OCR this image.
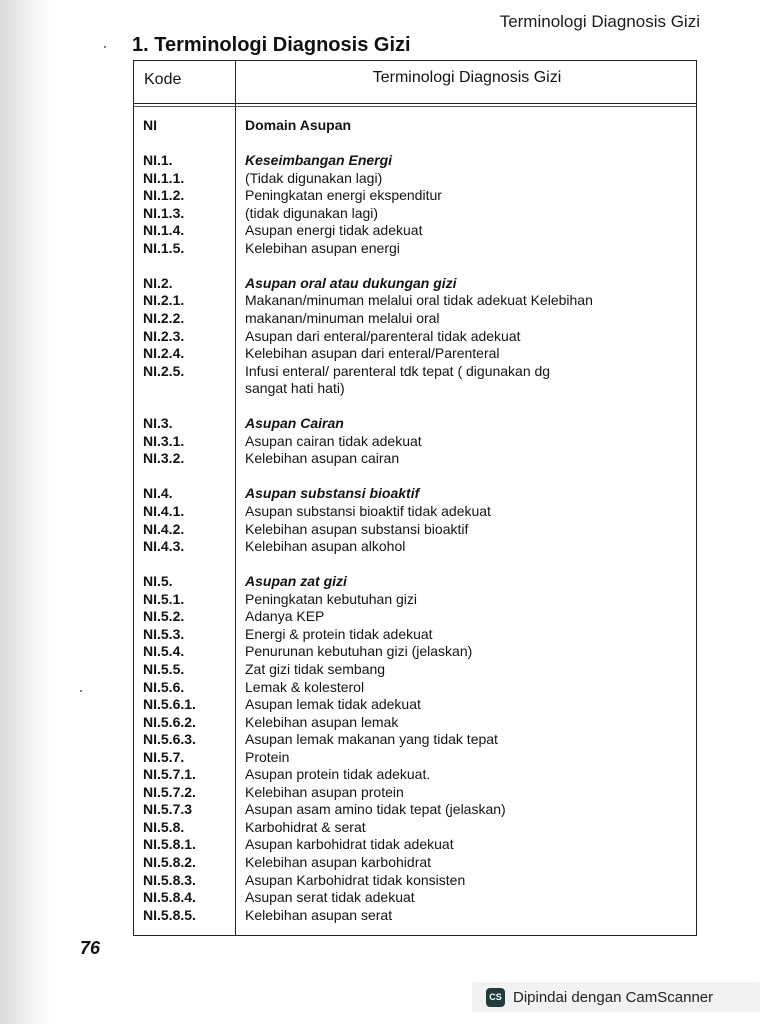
Terminologi Diagnosis Gizi
1. Terminologi Diagnosis Gizi
Kode	Terminologi Diagnosis Gizi
NI
NI.1.
NI.1.1.
NI.1.2.
NI.1.3.
NI.1.4.
NI.1.5.
NI.2.
NI.2.1.
NI.2.2.
NI.2.3.
NI.2.4.
NI.2.5.
NI.3.
NI.3.1.
NI.3.2.
NI.4.
NI.4.1.
NI.4.2.
NI.4.3.
NI.5.
NI.5.1.
NI.5.2.
NI.5.3.
NI.5.4.
NI.5.5.
NI.5.6.
NI.5.6.1.
NI.5.6.2.
NI.5.6.3.
NI.5.7.
NI.5.7.1.
NI.5.7.2.
NI.5.7.3
NI.5.8.
NI.5.8.1.
NI.5.8.2.
NI.5.8.3.
NI.5.8.4.
NI.5.8.5.
Domain Asupan
Keseimbangan Energi
(Tidak digunakan lagi)
Peningkatan energi ekspenditur
(tidak digunakan lagi)
Asupan energi tidak adekuat
Kelebihan asupan energi
Asupan oral atau dukungan gizi
Makanan/minuman melalui oral tidak adekuat Kelebihan
makanan/minuman melalui oral
Asupan dari enteral/parenteral tidak adekuat
Kelebihan asupan dari enteral/Parenteral
Infusi enteral/ parenteral tdk tepat ( digunakan dg
sangat hati hati)
Asupan Cairan
Asupan cairan tidak adekuat
Kelebihan asupan cairan
Asupan substansi bioaktif
Asupan substansi bioaktif tidak adekuat
Kelebihan asupan substansi bioaktif
Kelebihan asupan alkohol
Asupan zat gizi
Peningkatan kebutuhan gizi
Adanya KEP
Energi & protein tidak adekuat
Penurunan kebutuhan gizi (jelaskan)
Zat gizi tidak sembang
Lemak & kolesterol
Asupan lemak tidak adekuat
Kelebihan asupan lemak
Asupan lemak makanan yang tidak tepat
Protein
Asupan protein tidak adekuat.
Kelebihan asupan protein
Asupan asam amino tidak tepat (jelaskan)
Karbohidrat & serat
Asupan karbohidrat tidak adekuat
Kelebihan asupan karbohidrat
Asupan Karbohidrat tidak konsisten
Asupan serat tidak adekuat
Kelebihan asupan serat
76
CS Dipindai dengan CamScanner
